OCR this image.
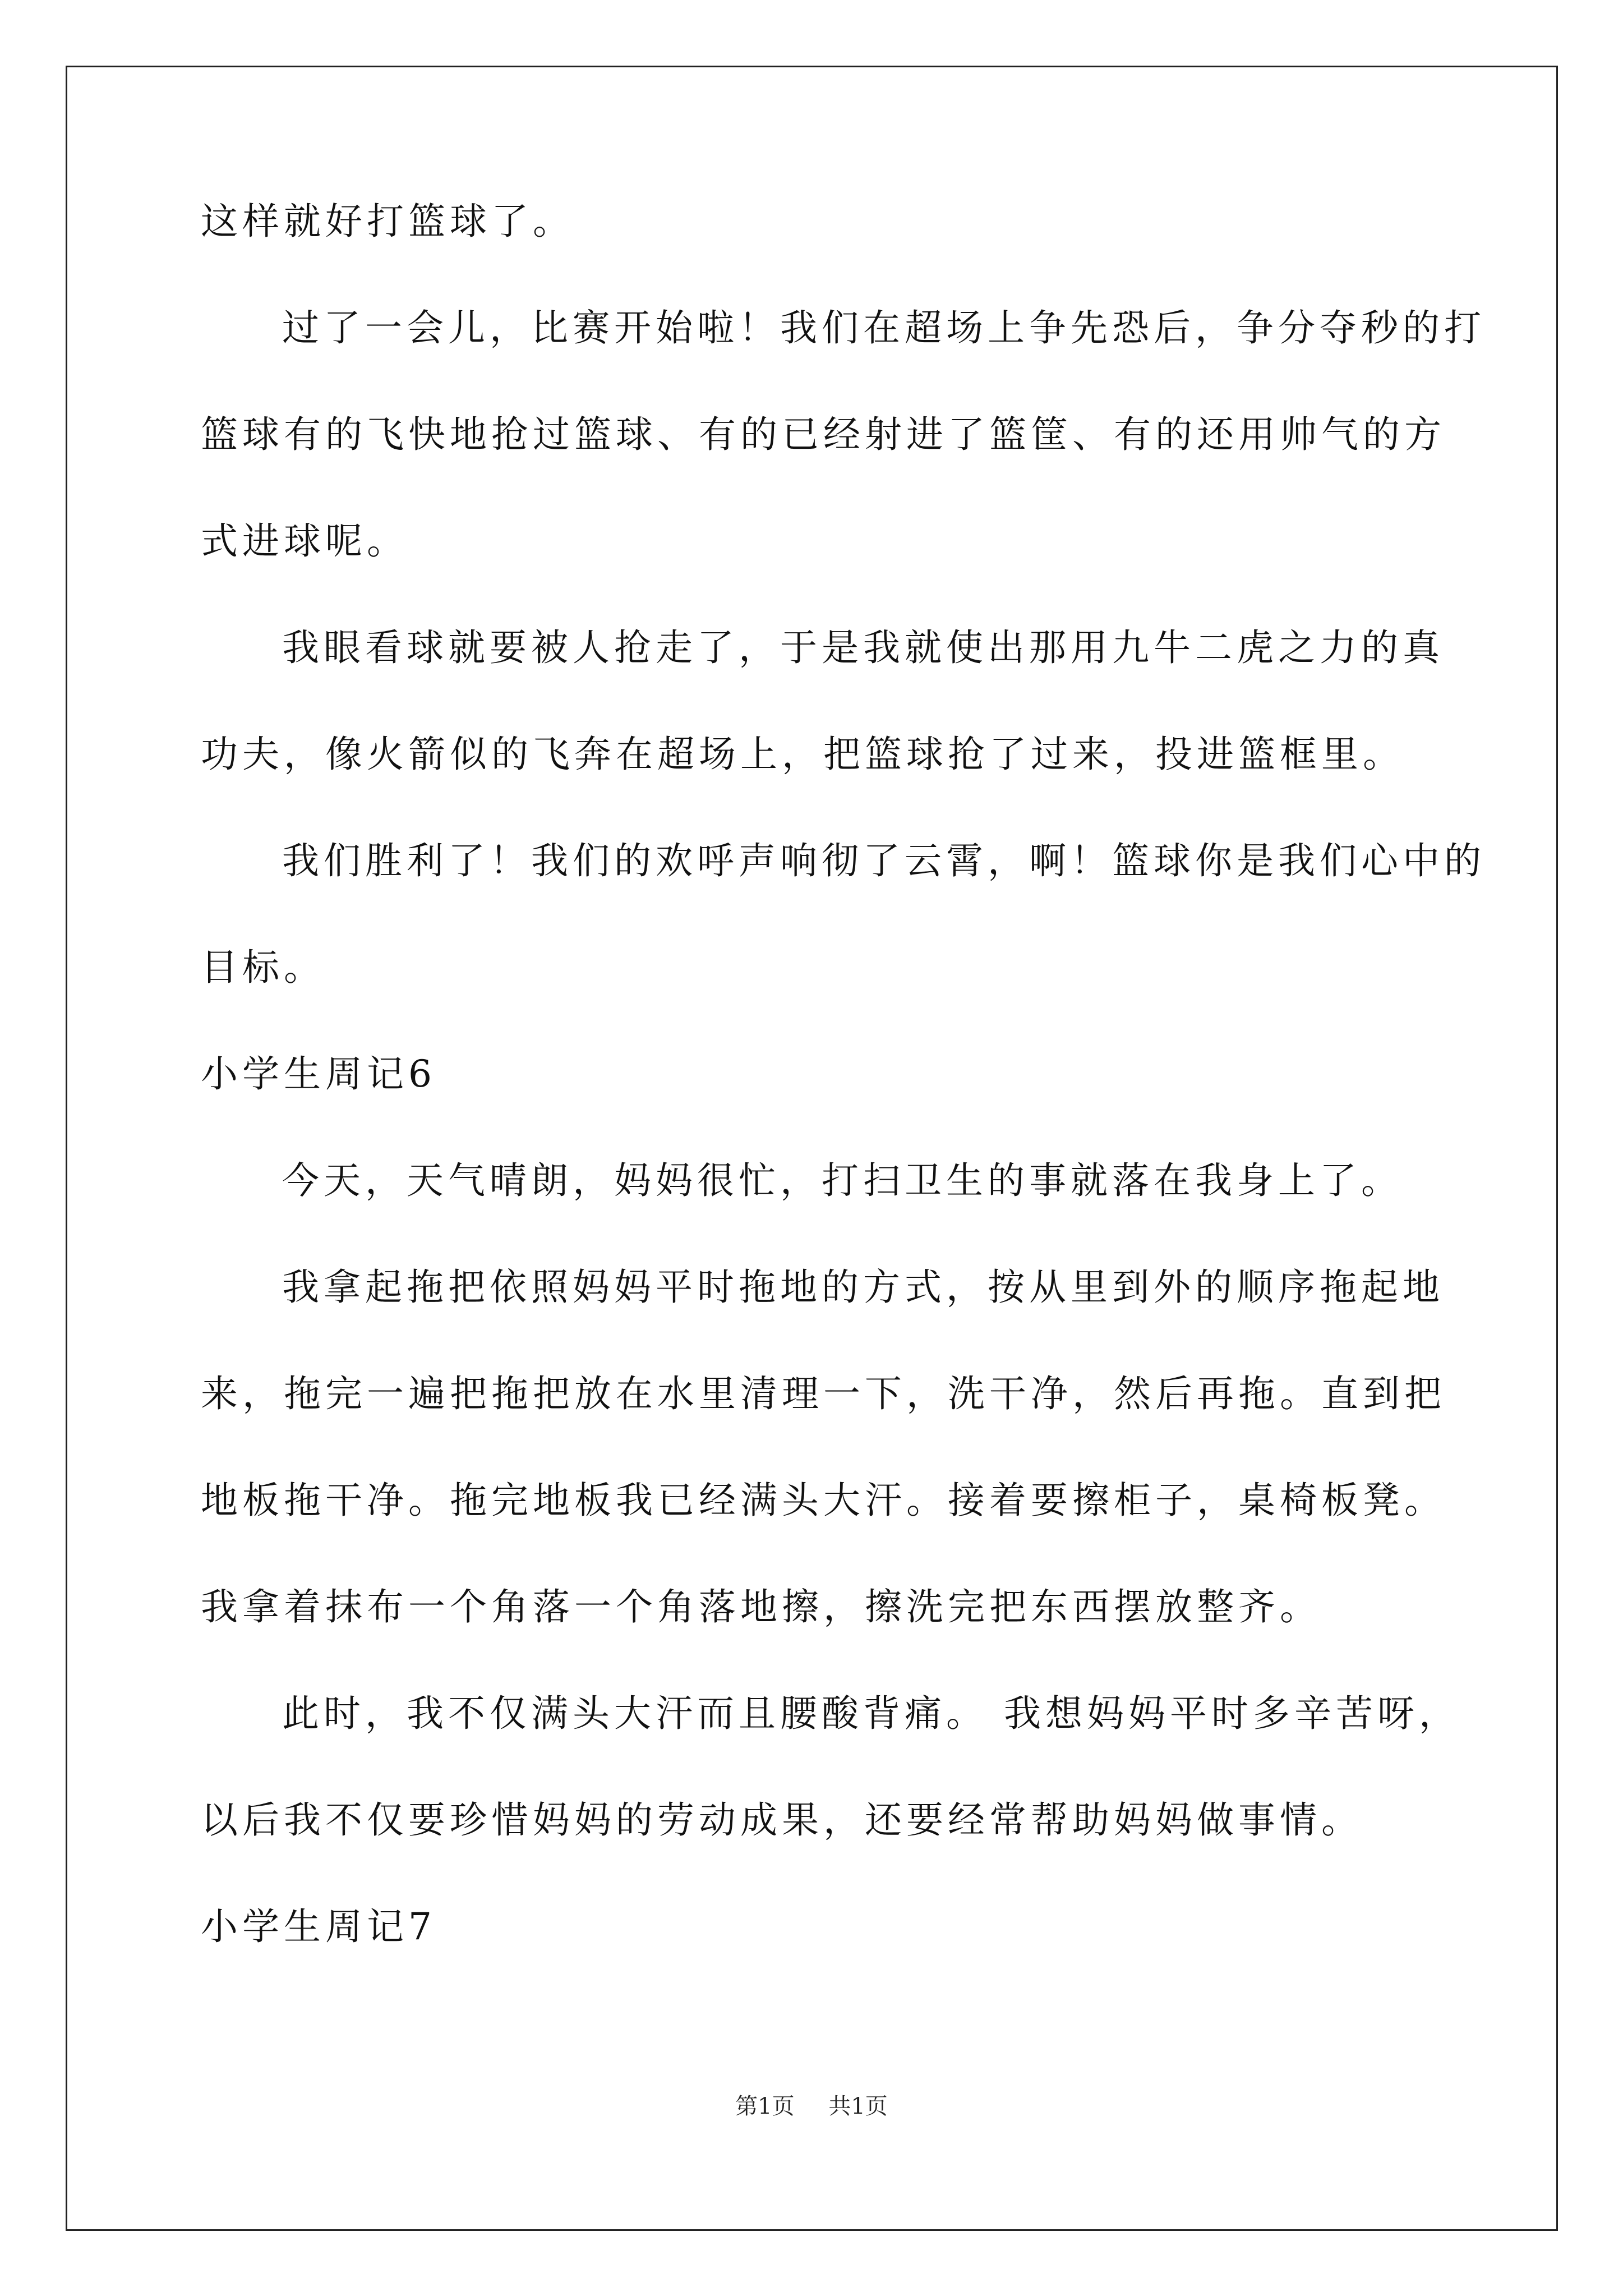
这样就好打篮球了。
过了一会儿，比赛开始啦！我们在超场上争先恐后，争分夺秒的打
篮球有的飞快地抢过篮球、有的已经射进了篮筐、有的还用帅气的方
式进球呢。
我眼看球就要被人抢走了，于是我就使出那用九牛二虎之力的真
功夫，像火箭似的飞奔在超场上，把篮球抢了过来，投进篮框里。
我们胜利了！我们的欢呼声响彻了云霄，啊！篮球你是我们心中的
目标。
小学生周记6
今天，天气晴朗，妈妈很忙，打扫卫生的事就落在我身上了。
我拿起拖把依照妈妈平时拖地的方式，按从里到外的顺序拖起地
来，拖完一遍把拖把放在水里清理一下，洗干净，然后再拖。直到把
地板拖干净。拖完地板我已经满头大汗。接着要擦柜子，桌椅板凳。
我拿着抹布一个角落一个角落地擦，擦洗完把东西摆放整齐。
此时，我不仅满头大汗而且腰酸背痛。 我想妈妈平时多辛苦呀，
以后我不仅要珍惜妈妈的劳动成果，还要经常帮助妈妈做事情。
小学生周记7
第1页 共1页
